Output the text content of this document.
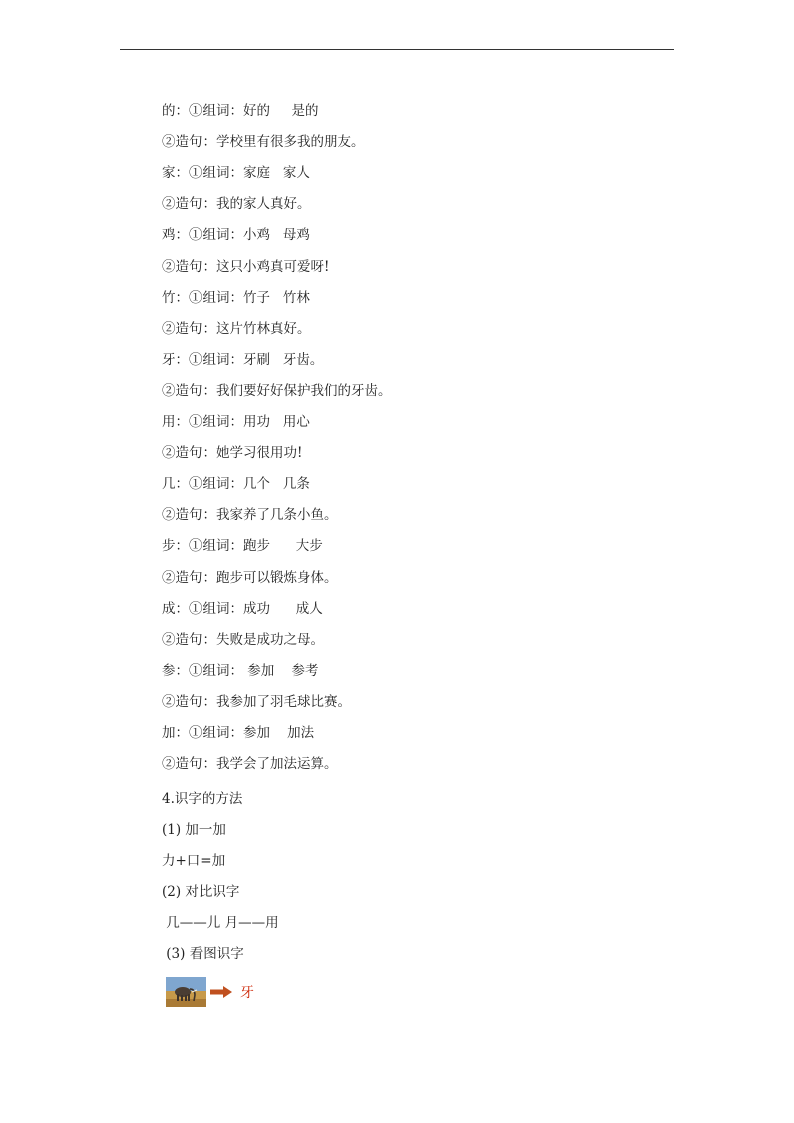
的：①组词：好的     是的
②造句：学校里有很多我的朋友。
家：①组词：家庭   家人
②造句：我的家人真好。
鸡：①组词：小鸡   母鸡
②造句：这只小鸡真可爱呀!
竹：①组词：竹子   竹林
②造句：这片竹林真好。
牙：①组词：牙刷   牙齿。
②造句：我们要好好保护我们的牙齿。
用：①组词：用功   用心
②造句：她学习很用功!
几：①组词：几个   几条
②造句：我家养了几条小鱼。
步：①组词：跑步      大步
②造句：跑步可以锻炼身体。
成：①组词：成功      成人
②造句：失败是成功之母。
参：①组词： 参加    参考
②造句：我参加了羽毛球比赛。
加：①组词：参加    加法
②造句：我学会了加法运算。
4.识字的方法
(1) 加一加
力+口=加
(2) 对比识字
几——儿 月——用
(3) 看图识字
牙
